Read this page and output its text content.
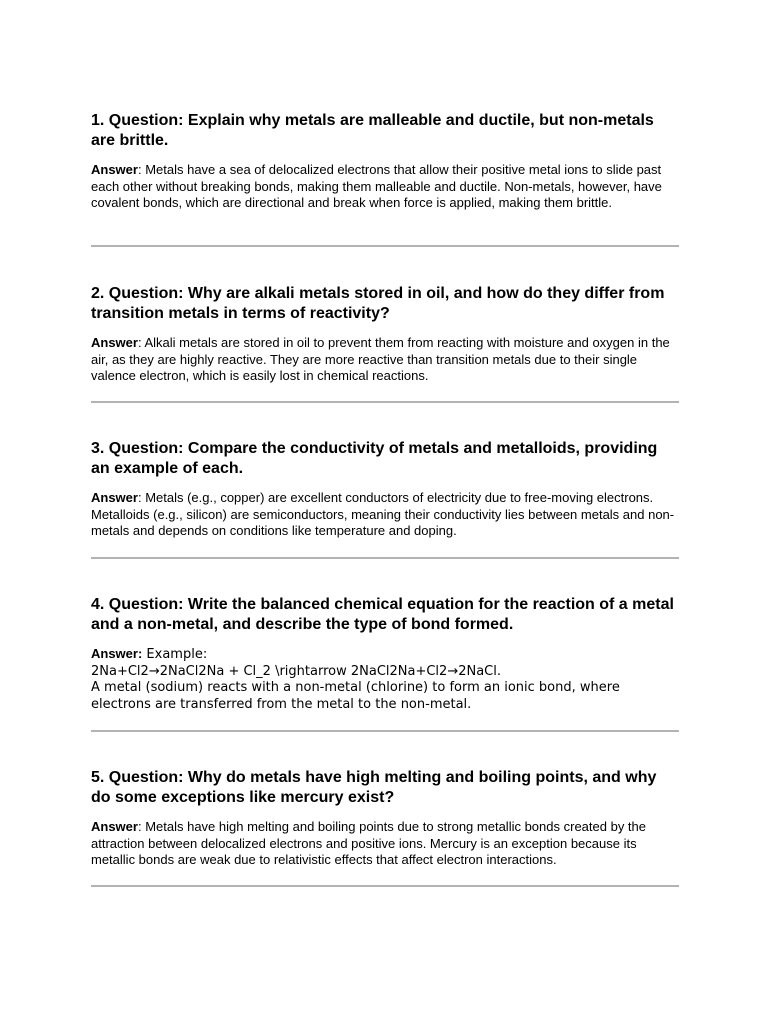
1. Question: Explain why metals are malleable and ductile, but non-metals are brittle.

Answer: Metals have a sea of delocalized electrons that allow their positive metal ions to slide past each other without breaking bonds, making them malleable and ductile. Non-metals, however, have covalent bonds, which are directional and break when force is applied, making them brittle.

2. Question: Why are alkali metals stored in oil, and how do they differ from transition metals in terms of reactivity?

Answer: Alkali metals are stored in oil to prevent them from reacting with moisture and oxygen in the air, as they are highly reactive. They are more reactive than transition metals due to their single valence electron, which is easily lost in chemical reactions.

3. Question: Compare the conductivity of metals and metalloids, providing an example of each.

Answer: Metals (e.g., copper) are excellent conductors of electricity due to free-moving electrons. Metalloids (e.g., silicon) are semiconductors, meaning their conductivity lies between metals and non-metals and depends on conditions like temperature and doping.

4. Question: Write the balanced chemical equation for the reaction of a metal and a non-metal, and describe the type of bond formed.
Answer: Example:
2Na+Cl2→2NaCl2Na + Cl_2 \rightarrow 2NaCl2Na+Cl2→2NaCl.
A metal (sodium) reacts with a non-metal (chlorine) to form an ionic bond, where electrons are transferred from the metal to the non-metal.
5. Question: Why do metals have high melting and boiling points, and why do some exceptions like mercury exist?

Answer: Metals have high melting and boiling points due to strong metallic bonds created by the attraction between delocalized electrons and positive ions. Mercury is an exception because its metallic bonds are weak due to relativistic effects that affect electron interactions.
